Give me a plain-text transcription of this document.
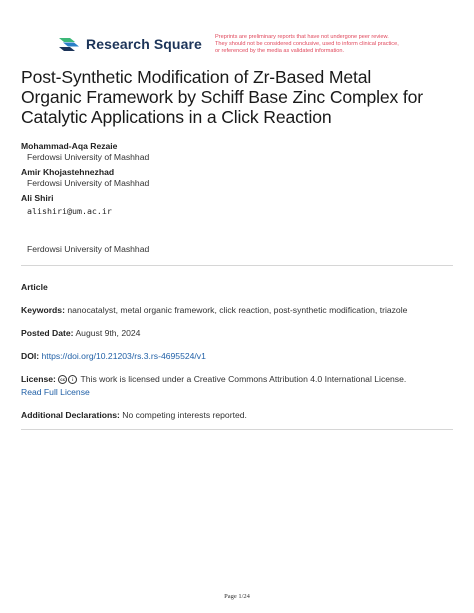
Research Square Preprints are preliminary reports that have not undergone peer review.
They should not be considered conclusive, used to inform clinical practice,
or referenced by the media as validated information.
Post-Synthetic Modification of Zr-Based Metal
Organic Framework by Schiff Base Zinc Complex for
Catalytic Applications in a Click Reaction
Mohammad-Aqa Rezaie
Ferdowsi University of Mashhad
Amir Khojastehnezhad
Ferdowsi University of Mashhad
Ali Shiri
alishiri@um.ac.ir
Ferdowsi University of Mashhad
Article
Keywords: nanocatalyst, metal organic framework, click reaction, post-synthetic modification, triazole
Posted Date: August 9th, 2024
DOI: https://doi.org/10.21203/rs.3.rs-4695524/v1
License: cc i This work is licensed under a Creative Commons Attribution 4.0 International License.
Read Full License
Additional Declarations: No competing interests reported.
Page 1/24
